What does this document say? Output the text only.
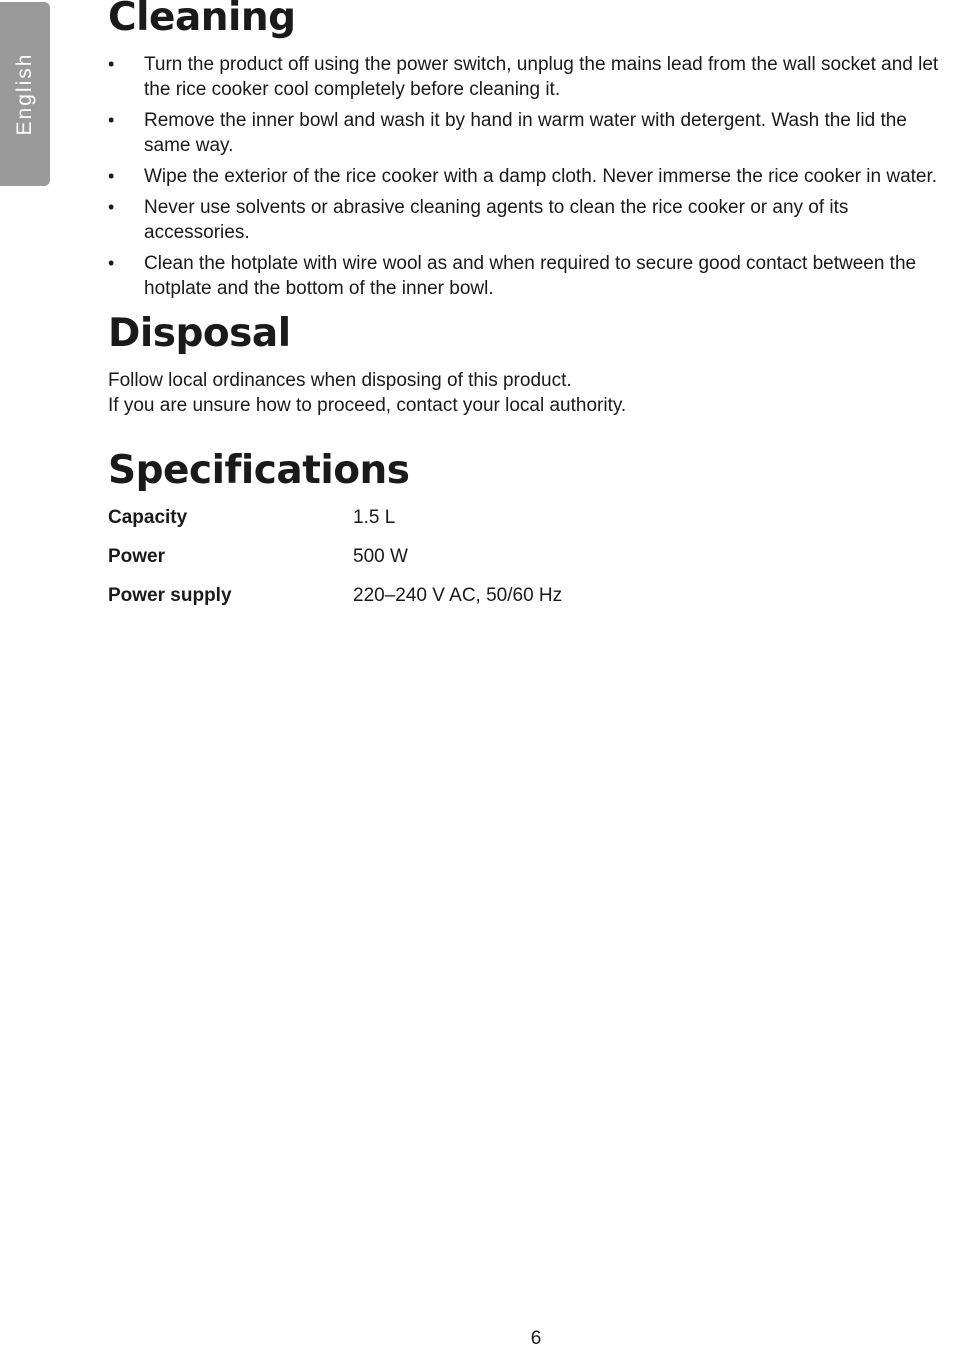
English
Cleaning
• Turn the product off using the power switch, unplug the mains lead from the wall socket and let the rice cooker cool completely before cleaning it.
• Remove the inner bowl and wash it by hand in warm water with detergent. Wash the lid the same way.
• Wipe the exterior of the rice cooker with a damp cloth. Never immerse the rice cooker in water.
• Never use solvents or abrasive cleaning agents to clean the rice cooker or any of its accessories.
• Clean the hotplate with wire wool as and when required to secure good contact between the hotplate and the bottom of the inner bowl.
Disposal

Follow local ordinances when disposing of this product.

If you are unsure how to proceed, contact your local authority.

Specifications
Capacity	1.5 L
Power	500 W
Power supply	220–240 V AC, 50/60 Hz
6
